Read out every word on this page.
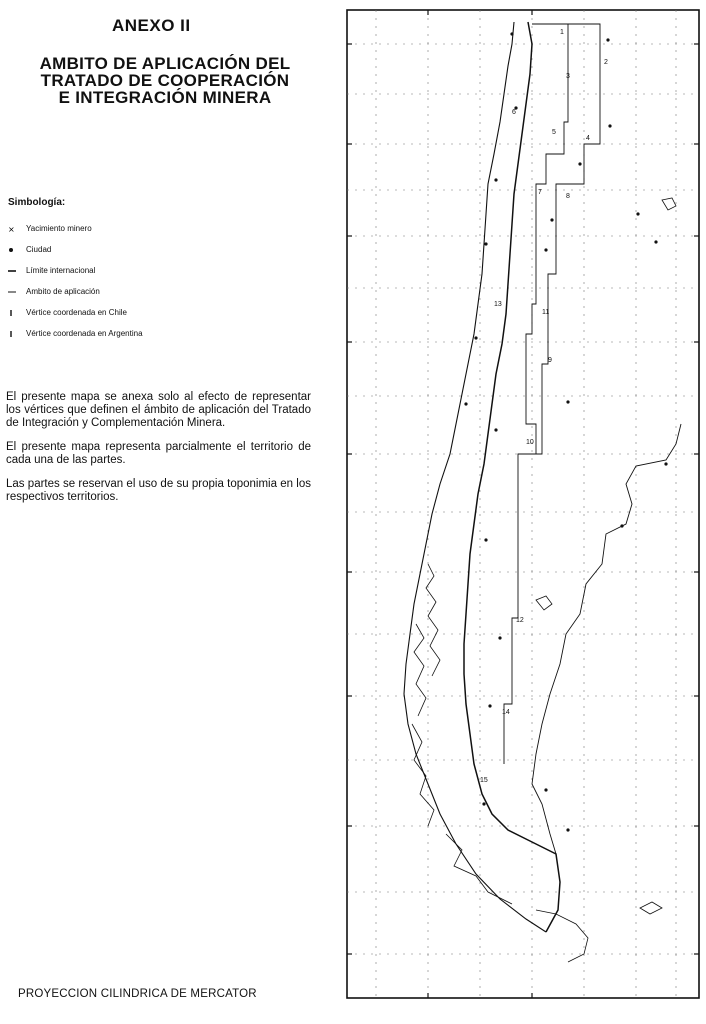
ANEXO II
AMBITO DE APLICACIÓN DEL
TRATADO DE COOPERACIÓN
E INTEGRACIÓN MINERA
Simbología:
× Yacimiento minero
Ciudad
Límite internacional
Ambito de aplicación
Vértice coordenada en Chile
Vértice coordenada en Argentina

El presente mapa se anexa solo al efecto de representar los vértices que definen el ámbito de aplicación del Tratado de Integración y Complementación Minera.

El presente mapa representa parcialmente el territorio de cada una de las partes.

Las partes se reservan el uso de su propia toponimia en los respectivos territorios.

PROYECCION CILINDRICA DE MERCATOR
1
2
3
4
5
6
7
8
9
10
11
12
13
14
15
